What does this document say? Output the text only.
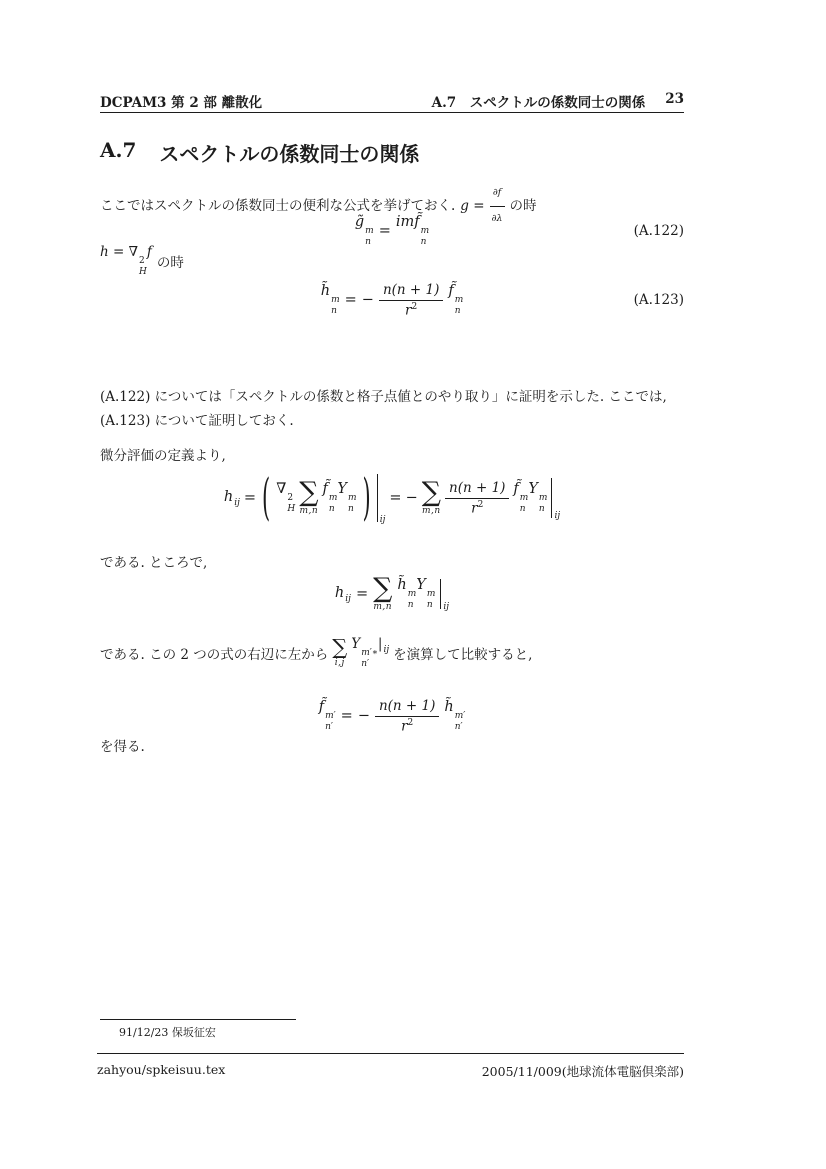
DCPAM3 第 2 部 離散化	A.7　スペクトルの係数同士の関係 23
A.7 スペクトルの係数同士の関係
ここではスペクトルの係数同士の便利な公式を挙げておく. $g = \frac{\partial f}{\partial\lambda}$ の時
g̃
m
n
=
imf̃
m
n
(A.122)
h = ∇
2
H
f
の時
h̃
m
n
= − $\frac{n(n + 1)}{r^2}$ f̃
m
n
(A.123)
(A.122) については「スペクトルの係数と格子点値とのやり取り」に証明を示した. ここでは,
(A.123) について証明しておく.
微分評価の定義より,
$h_{ij}$ = ( ∇
2
H
∑
m,n
f̃
m
n
Y
m
n ) ij
= − ∑
$m,n \frac{n(n + 1)}{r^2}$ f̃
m
n
Y
m
n
ij
である. ところで,
$h_{ij}$ = ∑
m,n
h̃
m
n
Y
m
n ij
である. この 2 つの式の右辺に左から ∑
i,j
Y
m′∗
n′
$|_{ij}$ を演算して比較すると,
f̃
m′
n′
= − $\frac{n(n + 1)}{r^2}$ h̃
m′
n′
を得る.
91/12/23 保坂征宏
zahyou/spkeisuu.tex	2005/11/009(地球流体電脳倶楽部)
